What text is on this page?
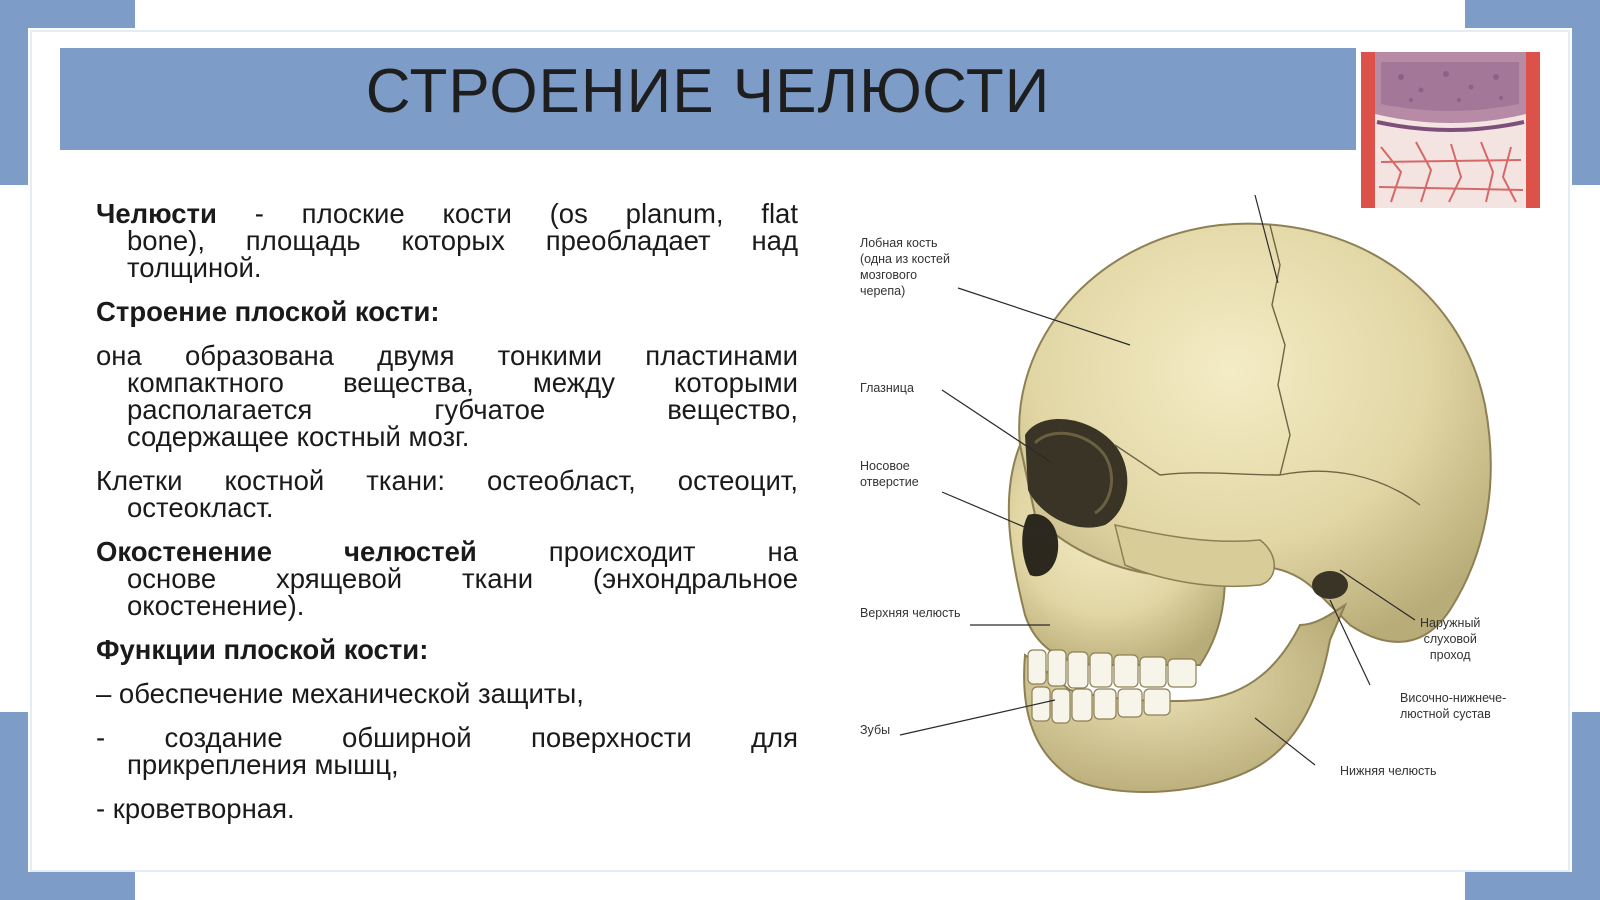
СТРОЕНИЕ ЧЕЛЮСТИ
Челюсти - плоские кости (os planum, flat
bone), площадь которых преобладает над
толщиной.
Строение плоской кости:
она образована двумя тонкими пластинами
компактного вещества, между которыми
располагается губчатое вещество,
содержащее костный мозг.
Клетки костной ткани: остеобласт, остеоцит,
остеокласт.
Окостенение челюстей происходит на
основе хрящевой ткани (энхондральное
окостенение).
Функции плоской кости:
– обеспечение механической защиты,
- создание обширной поверхности для
прикрепления мышц,
- кроветворная.
Лобная кость
(одна из костей
мозгового
черепа)
Глазница
Носовое
отверстие
Верхняя челюсть
Зубы
Наружный
слуховой
проход
Височно-нижнече-
люстной сустав
Нижняя челюсть
